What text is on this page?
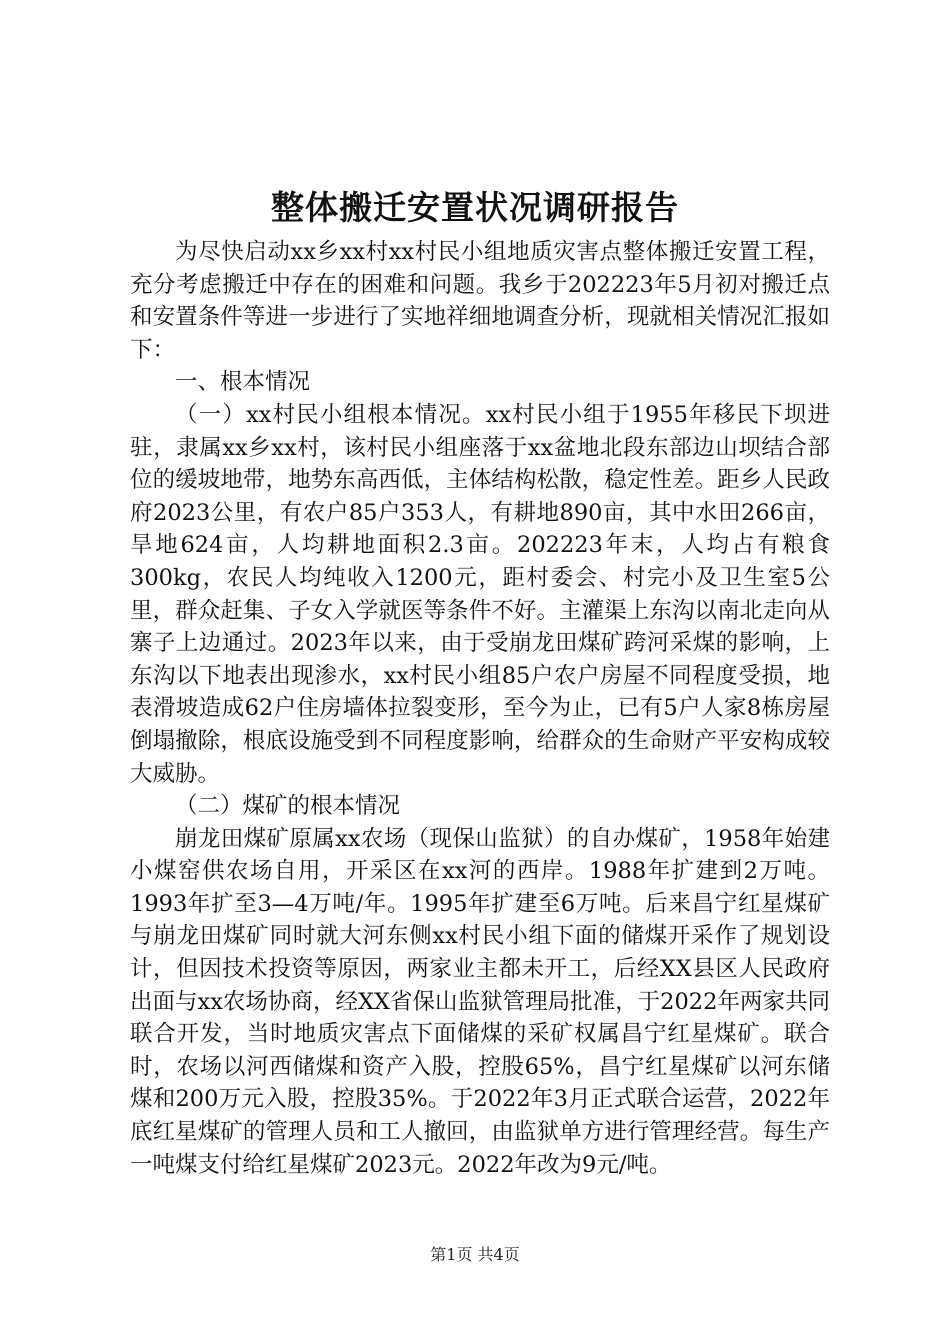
整体搬迁安置状况调研报告

为尽快启动xx乡xx村xx村民小组地质灾害点整体搬迁安置工程，充分考虑搬迁中存在的困难和问题。我乡于202223年5月初对搬迁点和安置条件等进一步进行了实地祥细地调查分析，现就相关情况汇报如下：

一、根本情况

（一）xx村民小组根本情况。xx村民小组于1955年移民下坝进驻，隶属xx乡xx村，该村民小组座落于xx盆地北段东部边山坝结合部位的缓坡地带，地势东高西低，主体结构松散，稳定性差。距乡人民政府2023公里，有农户85户353人，有耕地890亩，其中水田266亩，旱地624亩，人均耕地面积2.3亩。202223年末，人均占有粮食300kg，农民人均纯收入1200元，距村委会、村完小及卫生室5公里，群众赶集、子女入学就医等条件不好。主灌渠上东沟以南北走向从寨子上边通过。2023年以来，由于受崩龙田煤矿跨河采煤的影响，上东沟以下地表出现渗水，xx村民小组85户农户房屋不同程度受损，地表滑坡造成62户住房墙体拉裂变形，至今为止，已有5户人家8栋房屋倒塌撤除，根底设施受到不同程度影响，给群众的生命财产平安构成较大威胁。

（二）煤矿的根本情况

崩龙田煤矿原属xx农场（现保山监狱）的自办煤矿，1958年始建小煤窑供农场自用，开采区在xx河的西岸。1988年扩建到2万吨。1993年扩至3—4万吨/年。1995年扩建至6万吨。后来昌宁红星煤矿与崩龙田煤矿同时就大河东侧xx村民小组下面的储煤开采作了规划设计，但因技术投资等原因，两家业主都未开工，后经XX县区人民政府出面与xx农场协商，经XX省保山监狱管理局批准，于2022年两家共同联合开发，当时地质灾害点下面储煤的采矿权属昌宁红星煤矿。联合时，农场以河西储煤和资产入股，控股65%，昌宁红星煤矿以河东储煤和200万元入股，控股35%。于2022年3月正式联合运营，2022年底红星煤矿的管理人员和工人撤回，由监狱单方进行管理经营。每生产一吨煤支付给红星煤矿2023元。2022年改为9元/吨。

第1页 共4页
